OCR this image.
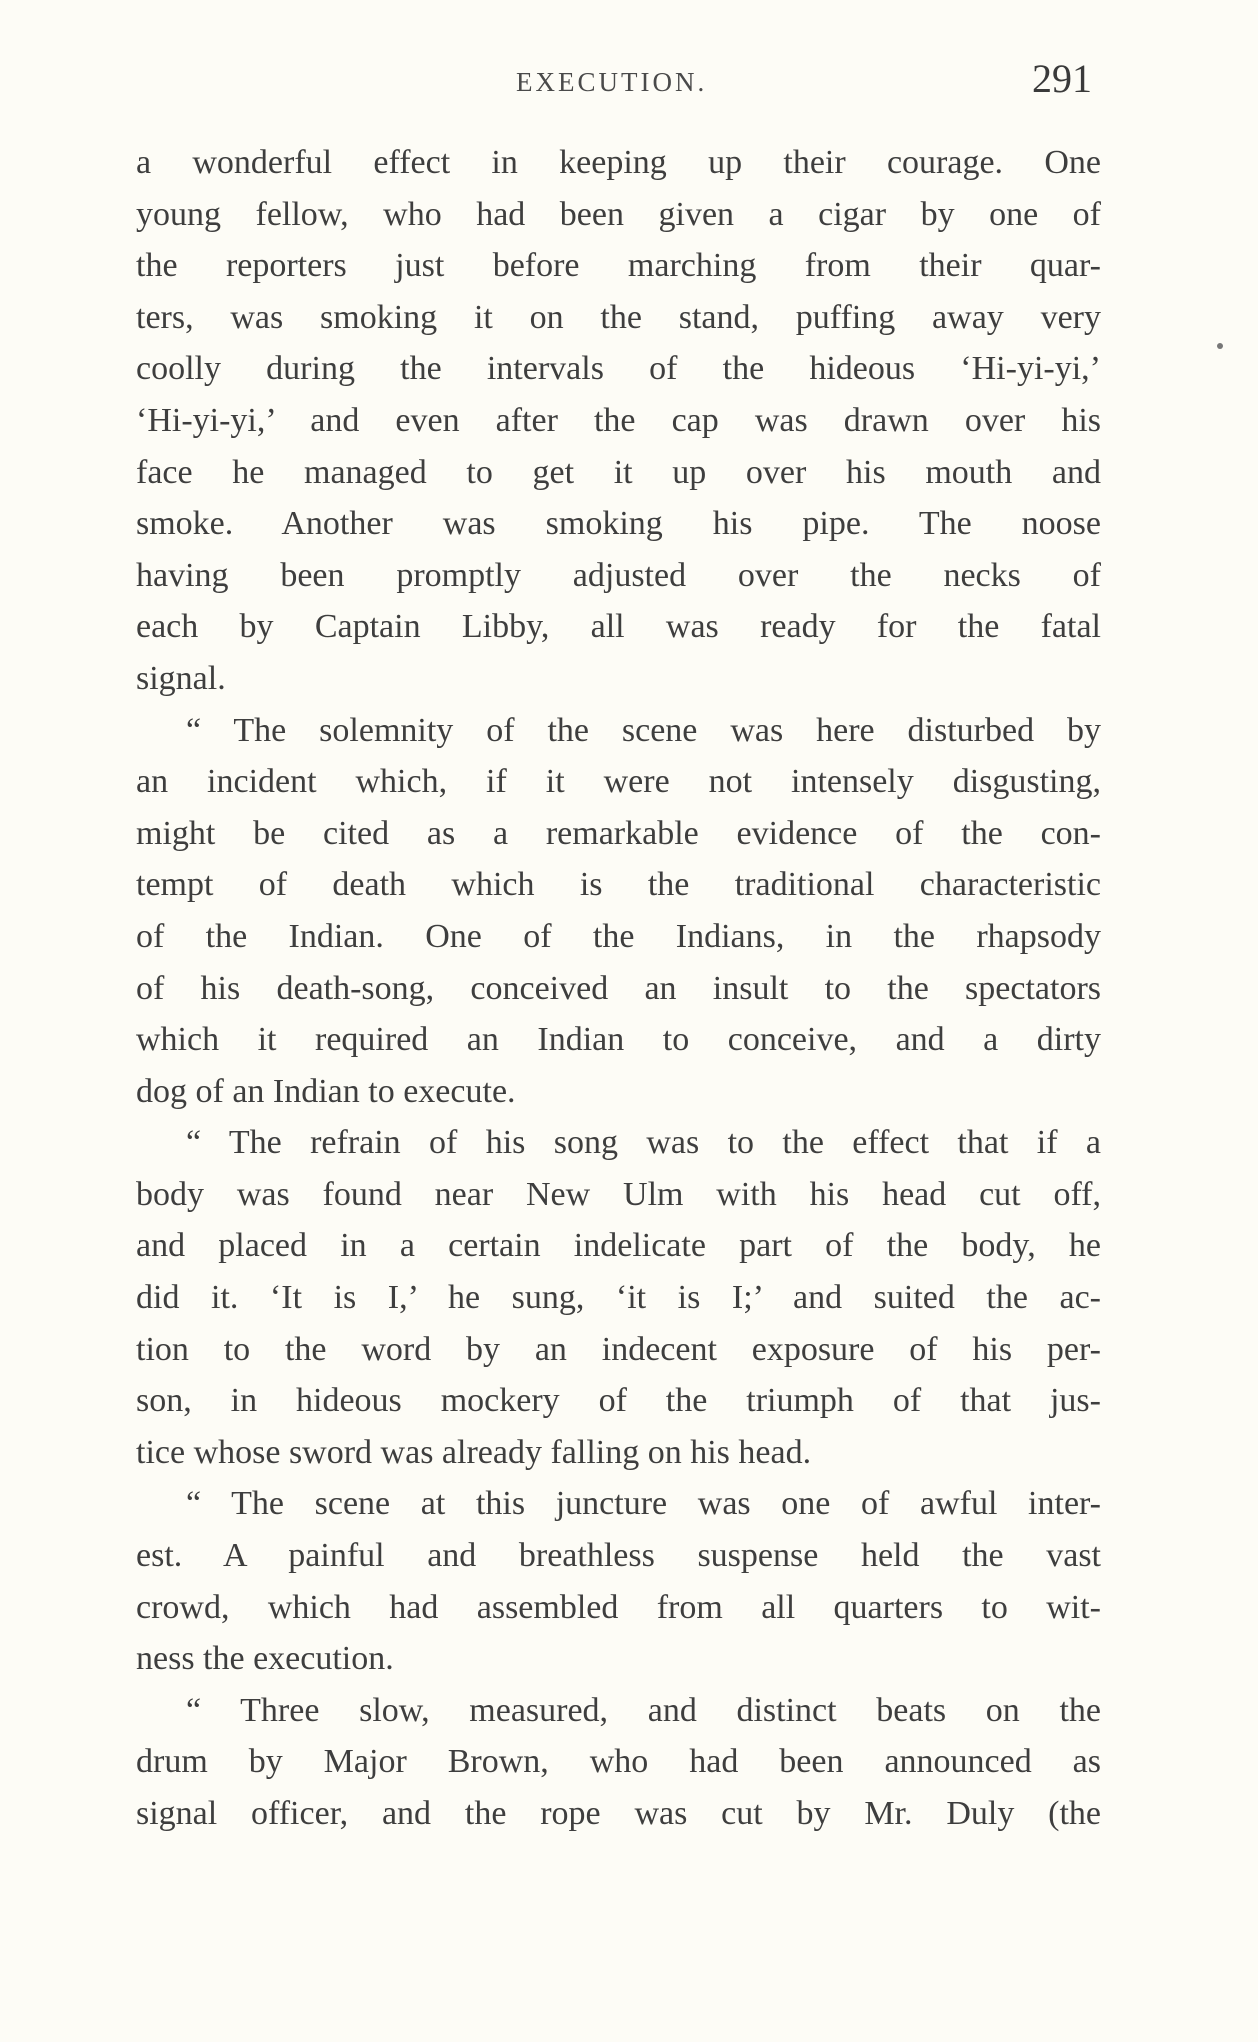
EXECUTION.	291
a wonderful effect in keeping up their courage. One
young fellow, who had been given a cigar by one of
the reporters just before marching from their quar-
ters, was smoking it on the stand, puffing away very
coolly during the intervals of the hideous ‘Hi-yi-yi,’
‘Hi-yi-yi,’ and even after the cap was drawn over his
face he managed to get it up over his mouth and
smoke. Another was smoking his pipe. The noose
having been promptly adjusted over the necks of
each by Captain Libby, all was ready for the fatal
signal.
“ The solemnity of the scene was here disturbed by
an incident which, if it were not intensely disgusting,
might be cited as a remarkable evidence of the con-
tempt of death which is the traditional characteristic
of the Indian. One of the Indians, in the rhapsody
of his death-song, conceived an insult to the spectators
which it required an Indian to conceive, and a dirty
dog of an Indian to execute.
“ The refrain of his song was to the effect that if a
body was found near New Ulm with his head cut off,
and placed in a certain indelicate part of the body, he
did it. ‘It is I,’ he sung, ‘it is I;’ and suited the ac-
tion to the word by an indecent exposure of his per-
son, in hideous mockery of the triumph of that jus-
tice whose sword was already falling on his head.
“ The scene at this juncture was one of awful inter-
est. A painful and breathless suspense held the vast
crowd, which had assembled from all quarters to wit-
ness the execution.
“ Three slow, measured, and distinct beats on the
drum by Major Brown, who had been announced as
signal officer, and the rope was cut by Mr. Duly (the
